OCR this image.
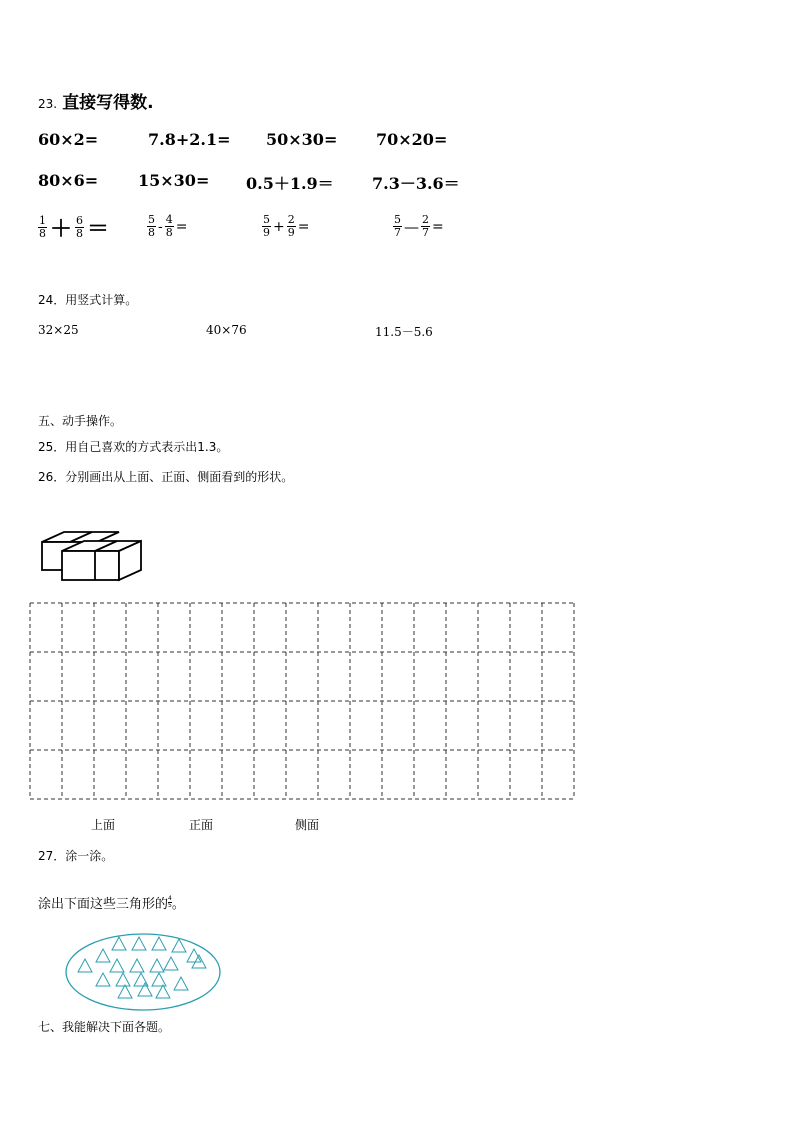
23. 直接写得数.
60×2=	7.8+2.1= 50×30= 70×20=
80×6= 15×30= 0.5＋1.9＝ 7.3－3.6＝
$\frac{1}{8} + \frac{6}{8}$ ＝	$\frac{5}{8} - \frac{4}{8}$ =	$\frac{5}{9} + \frac{2}{9}$ =	$\frac{5}{7}$ — $\frac{2}{7}$ =
24．用竖式计算。
32×25	40×76	11.5－5.6
五、动手操作。
25．用自己喜欢的方式表示出1.3。
26．分别画出从上面、正面、侧面看到的形状。
上面	正面	侧面
27．涂一涂。
涂出下面这些三角形的 $\frac{4}{5}$ 。
七、我能解决下面各题。
